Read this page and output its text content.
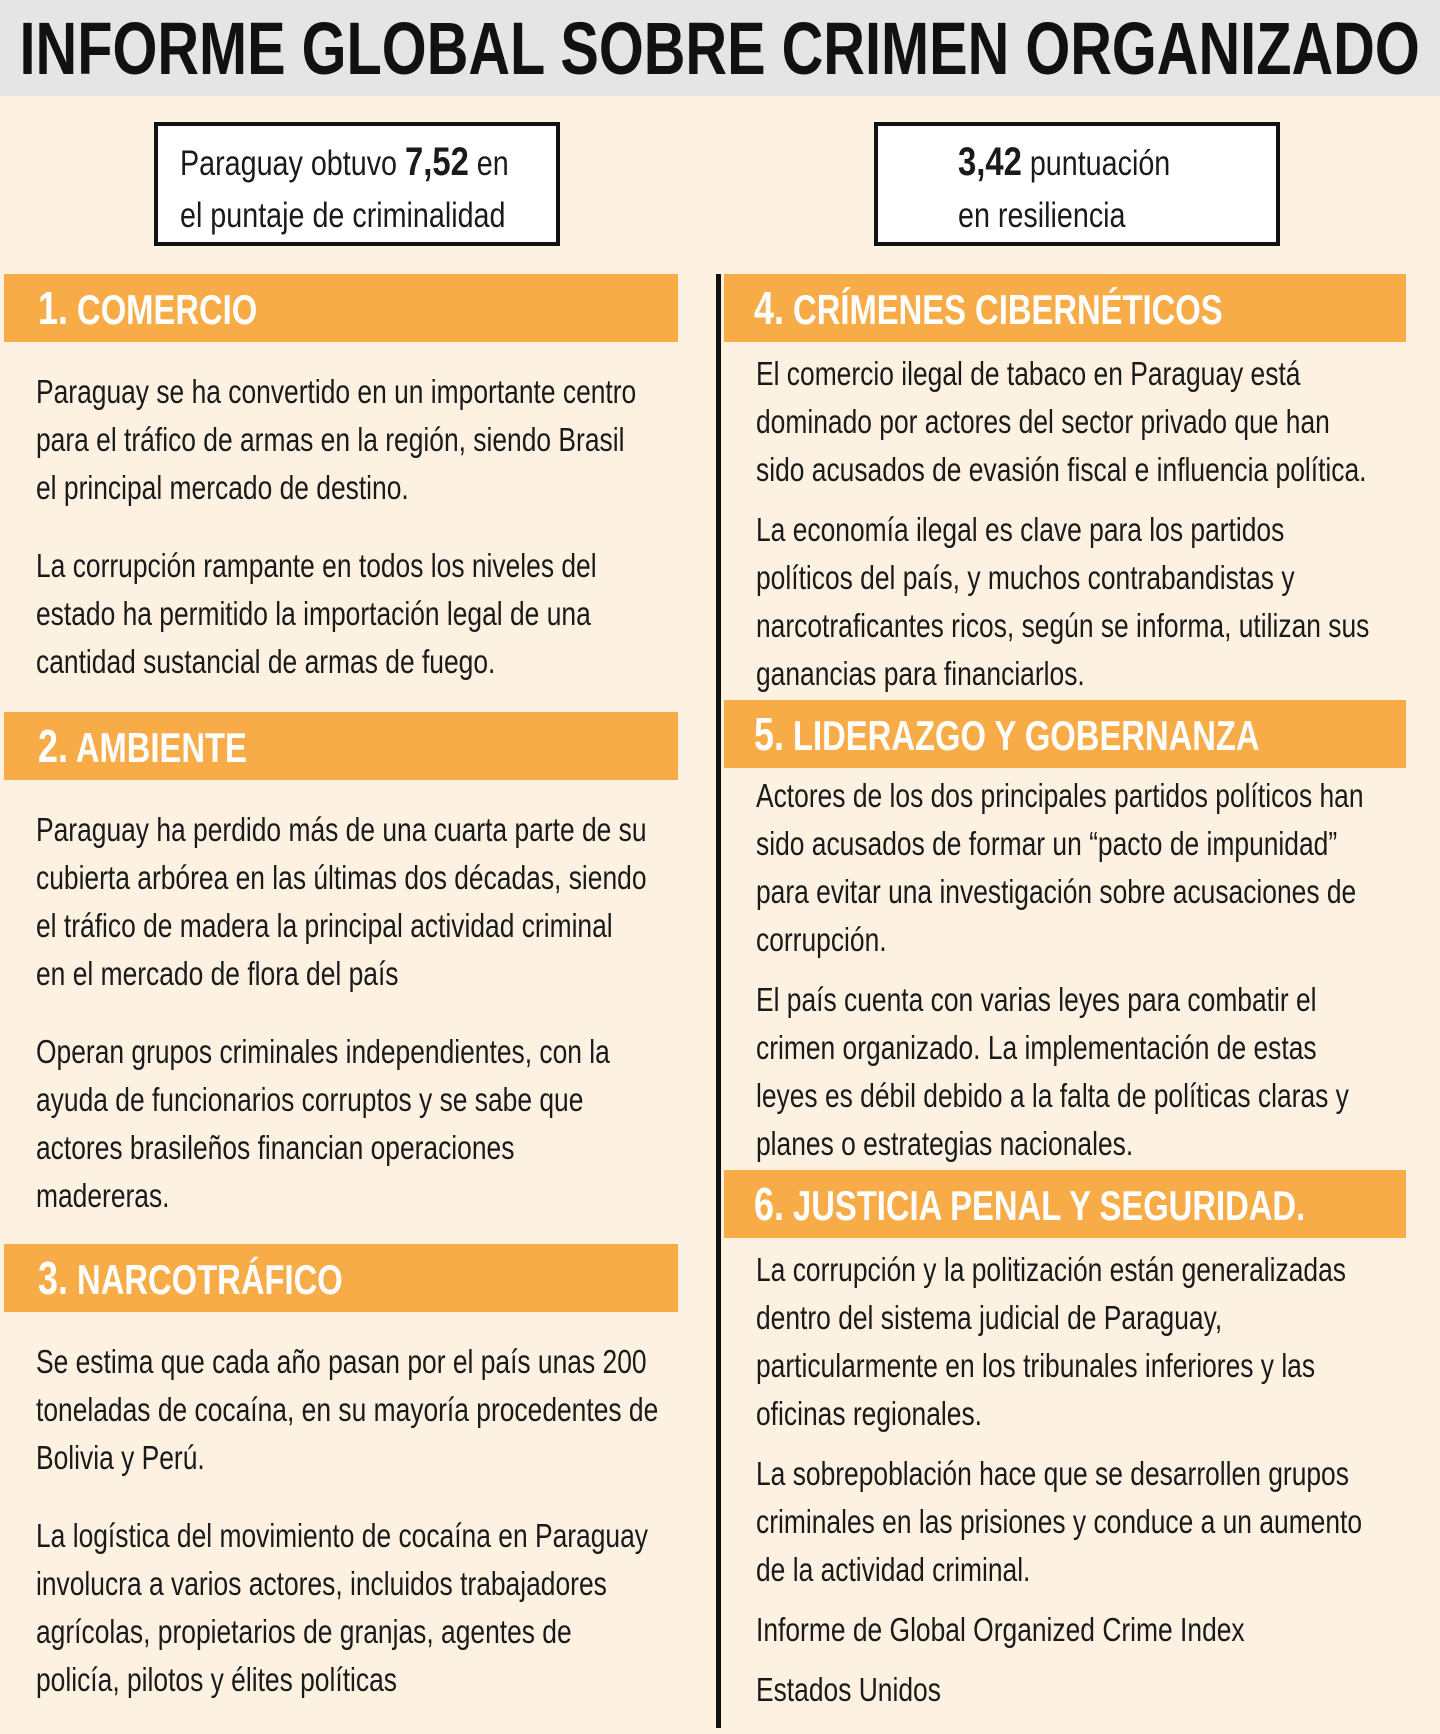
INFORME GLOBAL SOBRE CRIMEN ORGANIZADO
Paraguay obtuvo 7,52 en
el puntaje de criminalidad
3,42 puntuación
en resiliencia
1. COMERCIO

Paraguay se ha convertido en un importante centro
para el tráfico de armas en la región, siendo Brasil
el principal mercado de destino.

La corrupción rampante en todos los niveles del
estado ha permitido la importación legal de una
cantidad sustancial de armas de fuego.

2. AMBIENTE

Paraguay ha perdido más de una cuarta parte de su
cubierta arbórea en las últimas dos décadas, siendo
el tráfico de madera la principal actividad criminal
en el mercado de flora del país

Operan grupos criminales independientes, con la
ayuda de funcionarios corruptos y se sabe que
actores brasileños financian operaciones
madereras.

3. NARCOTRÁFICO

Se estima que cada año pasan por el país unas 200
toneladas de cocaína, en su mayoría procedentes de
Bolivia y Perú.

La logística del movimiento de cocaína en Paraguay
involucra a varios actores, incluidos trabajadores
agrícolas, propietarios de granjas, agentes de
policía, pilotos y élites políticas

4. CRÍMENES CIBERNÉTICOS

El comercio ilegal de tabaco en Paraguay está
dominado por actores del sector privado que han
sido acusados de evasión fiscal e influencia política.

La economía ilegal es clave para los partidos
políticos del país, y muchos contrabandistas y
narcotraficantes ricos, según se informa, utilizan sus
ganancias para financiarlos.

5. LIDERAZGO Y GOBERNANZA

Actores de los dos principales partidos políticos han
sido acusados de formar un “pacto de impunidad”
para evitar una investigación sobre acusaciones de
corrupción.

El país cuenta con varias leyes para combatir el
crimen organizado. La implementación de estas
leyes es débil debido a la falta de políticas claras y
planes o estrategias nacionales.

6. JUSTICIA PENAL Y SEGURIDAD.

La corrupción y la politización están generalizadas
dentro del sistema judicial de Paraguay,
particularmente en los tribunales inferiores y las
oficinas regionales.

La sobrepoblación hace que se desarrollen grupos
criminales en las prisiones y conduce a un aumento
de la actividad criminal.

Informe de Global Organized Crime Index

Estados Unidos
